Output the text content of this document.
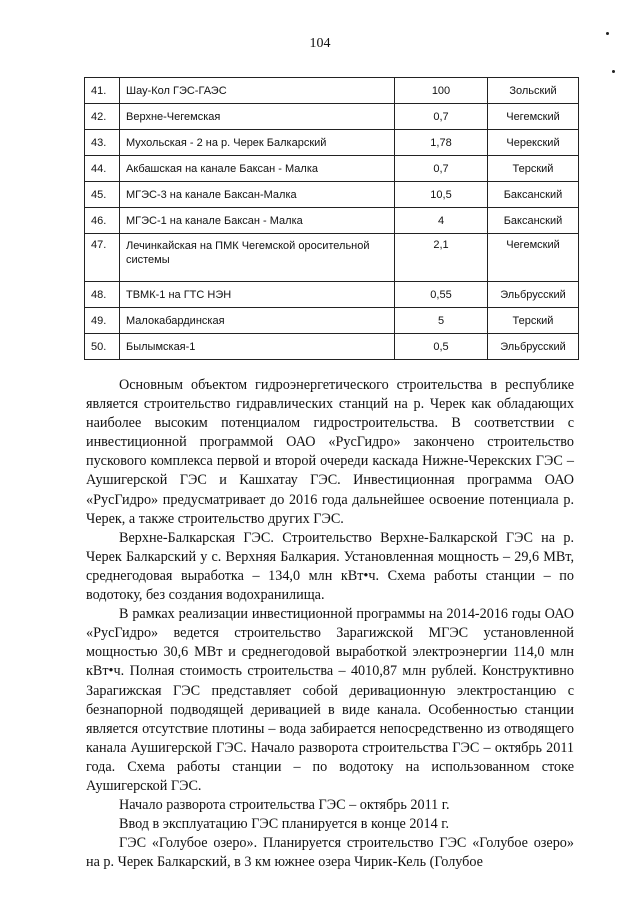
104
41.	Шау-Кол ГЭС-ГАЭС	100	Зольский
42.	Верхне-Чегемская	0,7	Чегемский
43.	Мухольская - 2 на р. Черек Балкарский	1,78	Черекский
44.	Акбашская на канале Баксан - Малка	0,7	Терский
45.	МГЭС-3 на канале Баксан-Малка	10,5	Баксанский
46.	МГЭС-1 на канале Баксан - Малка	4	Баксанский
47.	Лечинкайская на ПМК Чегемской оросительной системы	2,1	Чегемский
48.	ТВМК-1 на ГТС НЭН	0,55	Эльбрусский
49.	Малокабардинская	5	Терский
50.	Былымская-1	0,5	Эльбрусский

Основным объектом гидроэнергетического строительства в республике является строительство гидравлических станций на р. Черек как обладающих наиболее высоким потенциалом гидростроительства. В соответствии с инвестиционной программой ОАО «РусГидро» закончено строительство пускового комплекса первой и второй очереди каскада Нижне-Черекских ГЭС – Аушигерской ГЭС и Кашхатау ГЭС. Инвестиционная программа ОАО «РусГидро» предусматривает до 2016 года дальнейшее освоение потенциала р. Черек, а также строительство других ГЭС.

Верхне-Балкарская ГЭС. Строительство Верхне-Балкарской ГЭС на р. Черек Балкарский у с. Верхняя Балкария. Установленная мощность – 29,6 МВт, среднегодовая выработка – 134,0 млн кВт•ч. Схема работы станции – по водотоку, без создания водохранилища.

В рамках реализации инвестиционной программы на 2014-2016 годы ОАО «РусГидро» ведется строительство Зарагижской МГЭС установленной мощностью 30,6 МВт и среднегодовой выработкой электроэнергии 114,0 млн кВт•ч. Полная стоимость строительства – 4010,87 млн рублей. Конструктивно Зарагижская ГЭС представляет собой деривационную электростанцию с безнапорной подводящей деривацией в виде канала. Особенностью станции является отсутствие плотины – вода забирается непосредственно из отводящего канала Аушигерской ГЭС. Начало разворота строительства ГЭС – октябрь 2011 года. Схема работы станции – по водотоку на использованном стоке Аушигерской ГЭС.

Начало разворота строительства ГЭС – октябрь 2011 г.

Ввод в эксплуатацию ГЭС планируется в конце 2014 г.

ГЭС «Голубое озеро». Планируется строительство ГЭС «Голубое озеро» на р. Черек Балкарский, в 3 км южнее озера Чирик-Кель (Голубое
